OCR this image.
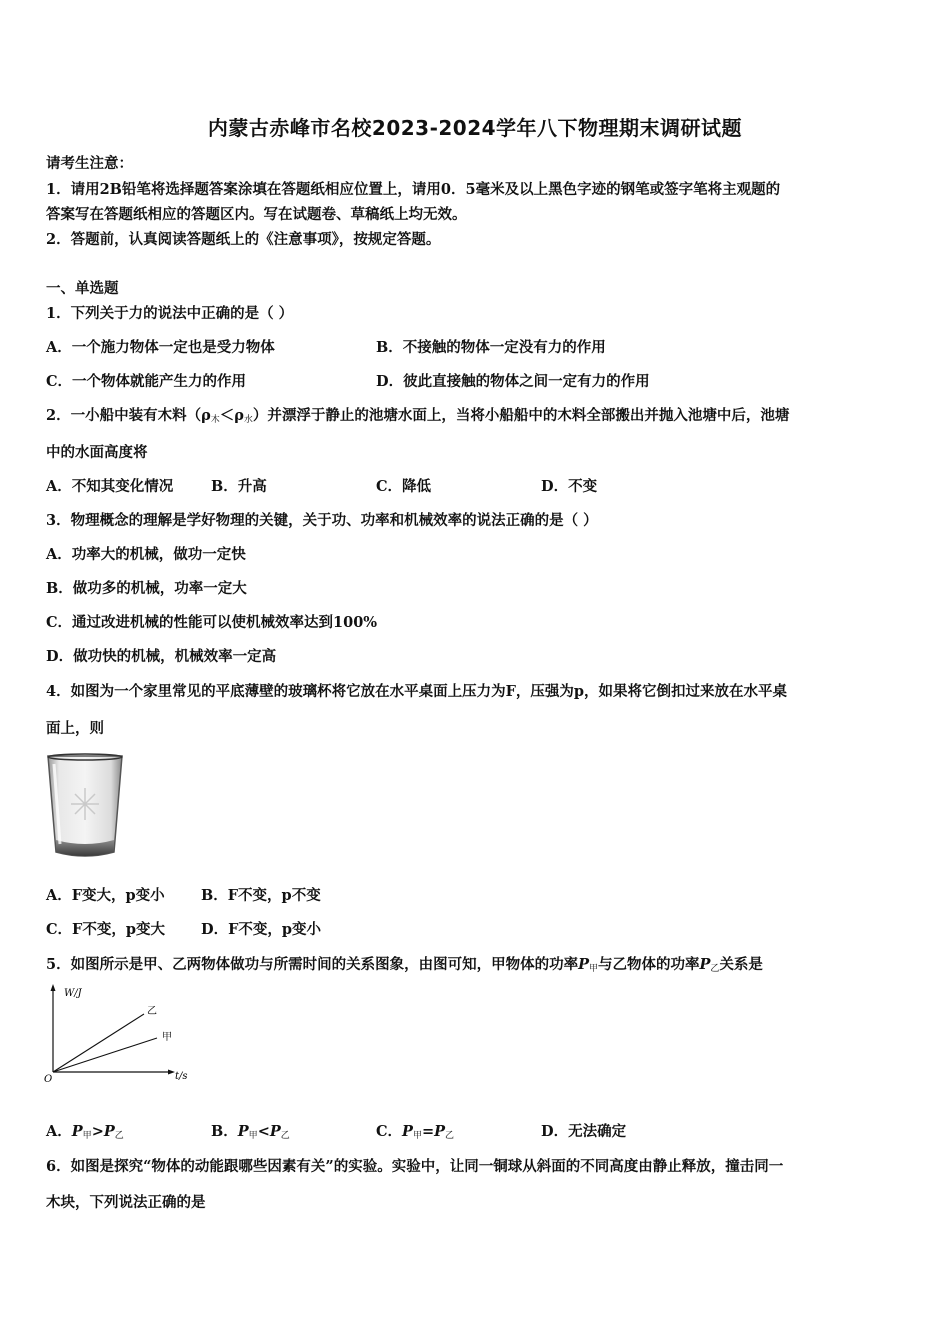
内蒙古赤峰市名校2023-2024学年八下物理期末调研试题
请考生注意：
1．请用2B铅笔将选择题答案涂填在答题纸相应位置上，请用0．5毫米及以上黑色字迹的钢笔或签字笔将主观题的
答案写在答题纸相应的答题区内。写在试题卷、草稿纸上均无效。
2．答题前，认真阅读答题纸上的《注意事项》，按规定答题。
一、单选题
1．下列关于力的说法中正确的是（ ）
A．一个施力物体一定也是受力物体	B．不接触的物体一定没有力的作用
C．一个物体就能产生力的作用	D．彼此直接触的物体之间一定有力的作用
2．一小船中装有木料$(\rho_木<\rho_水)$并漂浮于静止的池塘水面上，当将小船船中的木料全部搬出并抛入池塘中后，池塘
中的水面高度将
A．不知其变化情况	B．升高	C．降低	D．不变
3．物理概念的理解是学好物理的关键，关于功、功率和机械效率的说法正确的是（ ）
A．功率大的机械，做功一定快
B．做功多的机械，功率一定大
C．通过改进机械的性能可以使机械效率达到100%
D．做功快的机械，机械效率一定高
4．如图为一个家里常见的平底薄壁的玻璃杯将它放在水平桌面上压力为F，压强为p，如果将它倒扣过来放在水平桌
面上，则
A．F变大，p变小	B．F不变，p不变
C．F不变，p变大 D．F不变，p变小
5．如图所示是甲、乙两物体做功与所需时间的关系图象，由图可知，甲物体的功率$P_甲$与乙物体的功率$P_乙$关系是
W/J
t/s
O
乙
甲
A．$P_甲>P_乙$	B．$P_甲<P_乙$	C．$P_甲=P_乙$	D．无法确定
6．如图是探究“物体的动能跟哪些因素有关”的实验。实验中，让同一铜球从斜面的不同高度由静止释放，撞击同一
木块，下列说法正确的是
